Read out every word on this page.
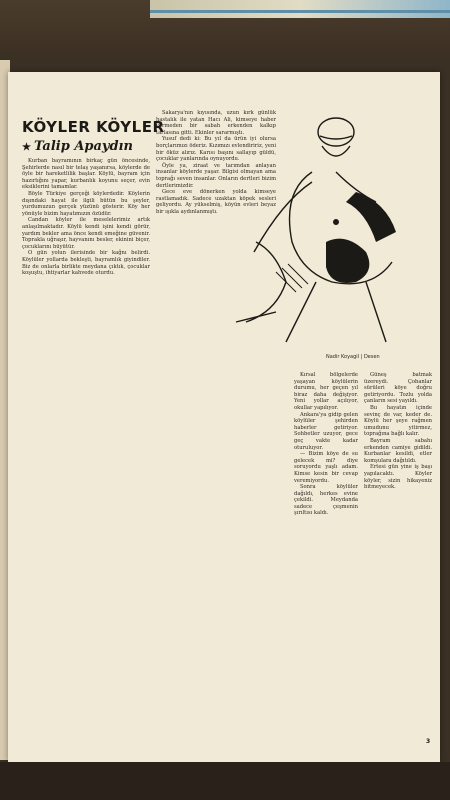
KÖYLER KÖYLER
★ Talip Apaydın

Kurban bayramının birkaç gün öncesinde, Şehirlerde nasıl bir telaş yaşanırsa, köylerde de öyle bir hareketlilik başlar. Köylü, bayram için hazırlığını yapar, kurbanlık koyunu seçer, evin eksiklerini tamamlar.

Böyle Türkiye gerçeği köylerdedir. Köylerin dışındaki hayat ile ilgili bütün bu şeyler, yurdumuzun gerçek yüzünü gösterir. Köy her yönüyle bizim hayatımızın özüdür.

Candan köyler ile meselelerimiz artık anlaşılmaktadır. Köylü kendi işini kendi görür, yardım bekler ama önce kendi emeğine güvenir. Toprakla uğraşır, hayvanını besler, ekinini biçer, çocuklarını büyütür.

O gün yolun ilerisinde bir kağnı belirdi. Köylüler yollarda bekleşti, bayramlık giyindiler. Biz de onlarla birlikte meydana çıktık, çocuklar koşuştu, ihtiyarlar kahvede oturdu.

Sakarya'nın kıyısında, uzun kırk günlük hastalık ile yatan Hacı Ali, kimseye haber vermeden bir sabah erkenden kalkıp tarlasına gitti. Ekinler sararmıştı.

Yusuf dedi ki: Bu yıl da ürün iyi olursa borçlarımızı öderiz. Kızımızı evlendiririz, yeni bir öküz alırız. Karısı başını sallayıp güldü, çocuklar yanlarında oynuyordu.

Öyle ya, ziraat ve tarımdan anlayan insanlar köylerde yaşar. Bilgisi olmayan ama toprağı seven insanlar. Onların dertleri bizim dertlerimizdir.

Gece eve dönerken yolda kimseye rastlamadık. Sadece uzaktan köpek sesleri geliyordu. Ay yükselmiş, köyün evleri beyaz bir ışıkla aydınlanmıştı.

Nadir Koyagil | Desen

Kırsal bölgelerde yaşayan köylülerin durumu, her geçen yıl biraz daha değişiyor. Yeni yollar açılıyor, okullar yapılıyor.

Ankara'ya gidip gelen köylüler şehirden haberler getiriyor. Sohbetler uzuyor, gece geç vakte kadar oturuluyor.

— Bizim köye de su gelecek mi? diye soruyordu yaşlı adam. Kimse kesin bir cevap veremiyordu.

Sonra köylüler dağıldı, herkes evine çekildi. Meydanda sadece çeşmenin şırıltısı kaldı.

Güneş batmak üzereydi. Çobanlar sürüleri köye doğru getiriyordu. Tozlu yolda çanların sesi yayıldı.

Bu hayatın içinde sevinç de var, keder de. Köylü her şeye rağmen umudunu yitirmez, toprağına bağlı kalır.

Bayram sabahı erkenden camiye gidildi. Kurbanlar kesildi, etler komşulara dağıtıldı.

Ertesi gün yine iş başı yapılacaktı. Köyler köyler, sizin hikayeniz bitmeyecek.

3
